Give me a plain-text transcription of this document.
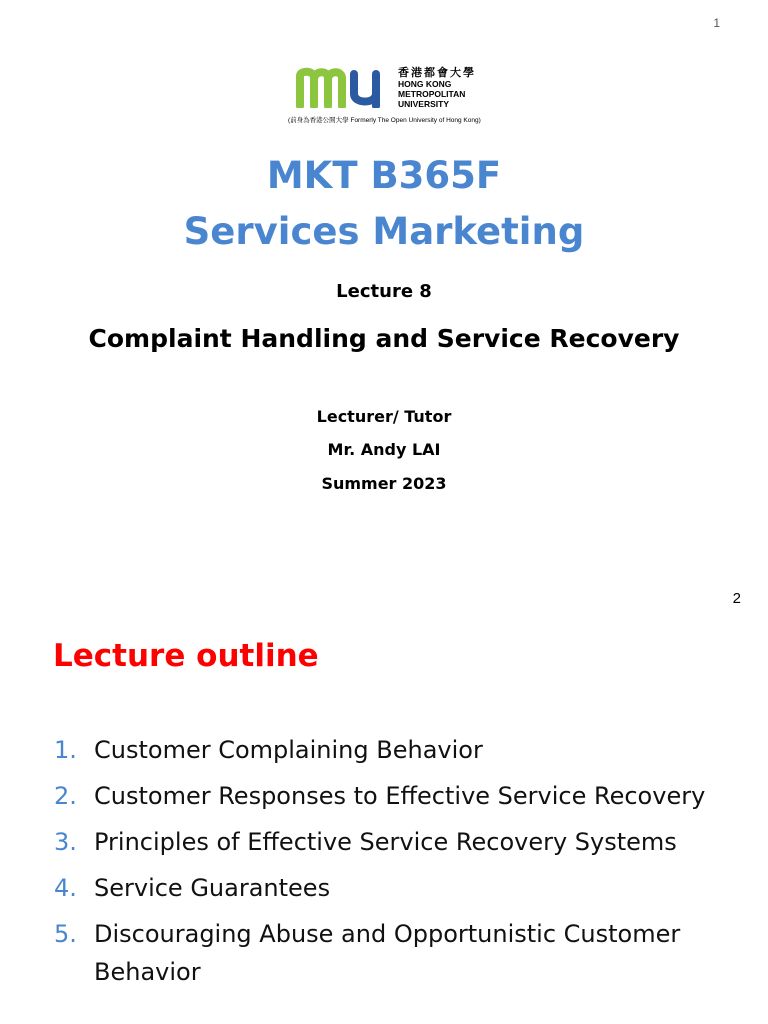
1
香港都會大學
HONG KONG
METROPOLITAN
UNIVERSITY
(前身為香港公開大學 Formerly The Open University of Hong Kong)
MKT B365F
Services Marketing
Lecture 8
Complaint Handling and Service Recovery
Lecturer/ Tutor
Mr. Andy LAI
Summer 2023
2
Lecture outline
1. Customer Complaining Behavior
2. Customer Responses to Effective Service Recovery
3. Principles of Effective Service Recovery Systems
4. Service Guarantees
5. Discouraging Abuse and Opportunistic Customer Behavior
